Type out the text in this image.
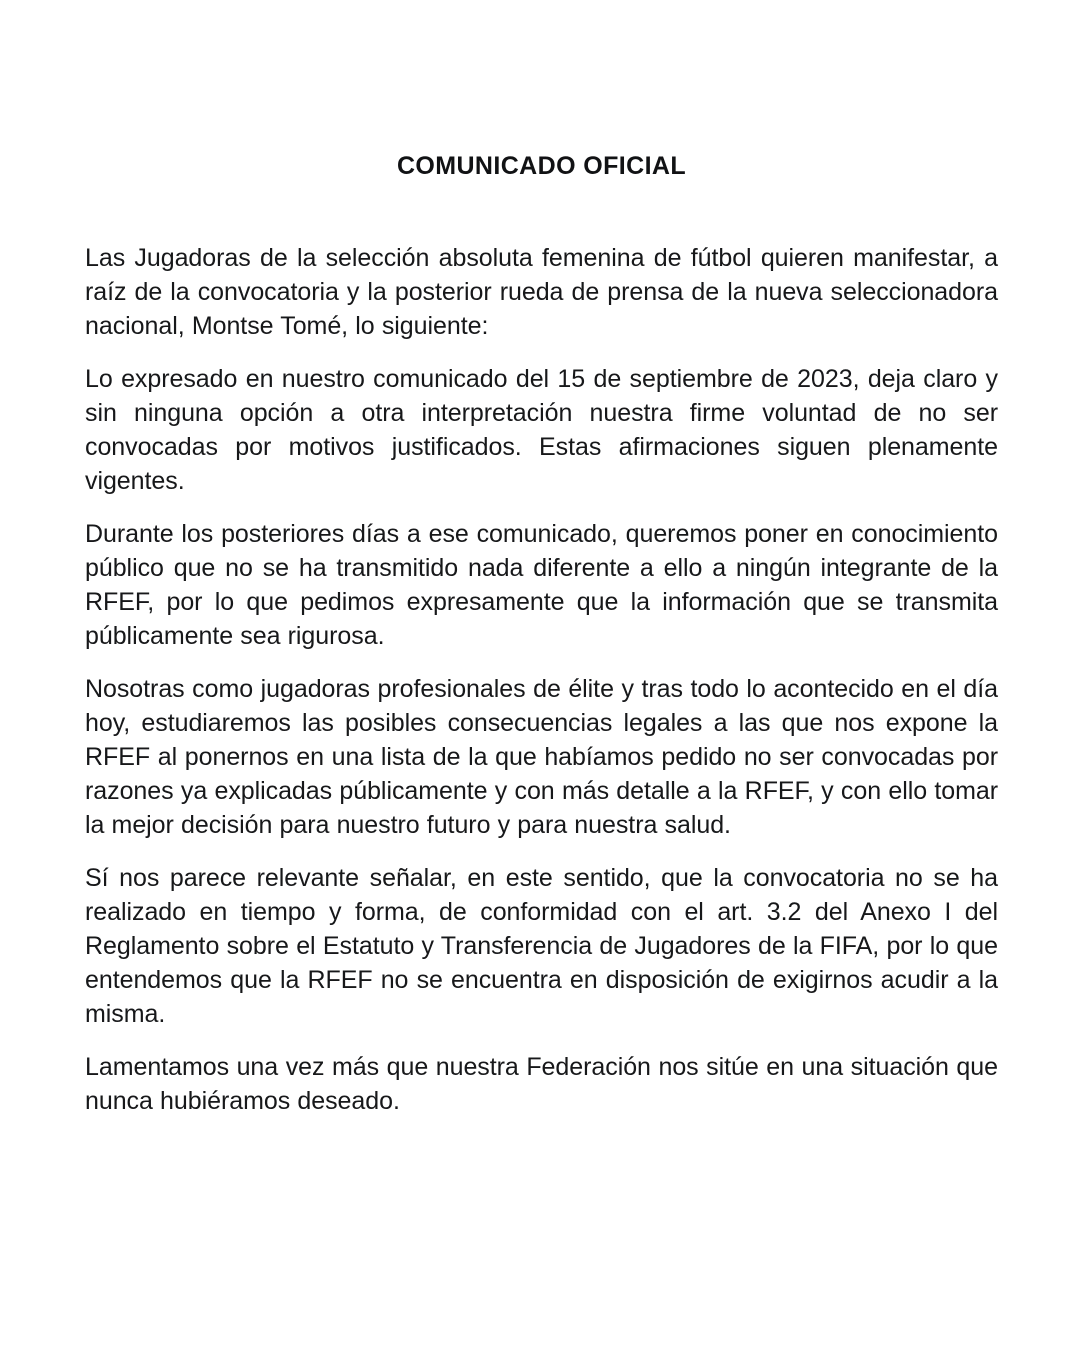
COMUNICADO OFICIAL

Las Jugadoras de la selección absoluta femenina de fútbol quieren manifestar, a raíz de la convocatoria y la posterior rueda de prensa de la nueva seleccionadora nacional, Montse Tomé, lo siguiente:

Lo expresado en nuestro comunicado del 15 de septiembre de 2023, deja claro y sin ninguna opción a otra interpretación nuestra firme voluntad de no ser convocadas por motivos justificados. Estas afirmaciones siguen plenamente vigentes.

Durante los posteriores días a ese comunicado, queremos poner en conocimiento público que no se ha transmitido nada diferente a ello a ningún integrante de la RFEF, por lo que pedimos expresamente que la información que se transmita públicamente sea rigurosa.

Nosotras como jugadoras profesionales de élite y tras todo lo acontecido en el día hoy, estudiaremos las posibles consecuencias legales a las que nos expone la RFEF al ponernos en una lista de la que habíamos pedido no ser convocadas por razones ya explicadas públicamente y con más detalle a la RFEF, y con ello tomar la mejor decisión para nuestro futuro y para nuestra salud.

Sí nos parece relevante señalar, en este sentido, que la convocatoria no se ha realizado en tiempo y forma, de conformidad con el art. 3.2 del Anexo I del Reglamento sobre el Estatuto y Transferencia de Jugadores de la FIFA, por lo que entendemos que la RFEF no se encuentra en disposición de exigirnos acudir a la misma.

Lamentamos una vez más que nuestra Federación nos sitúe en una situación que nunca hubiéramos deseado.
